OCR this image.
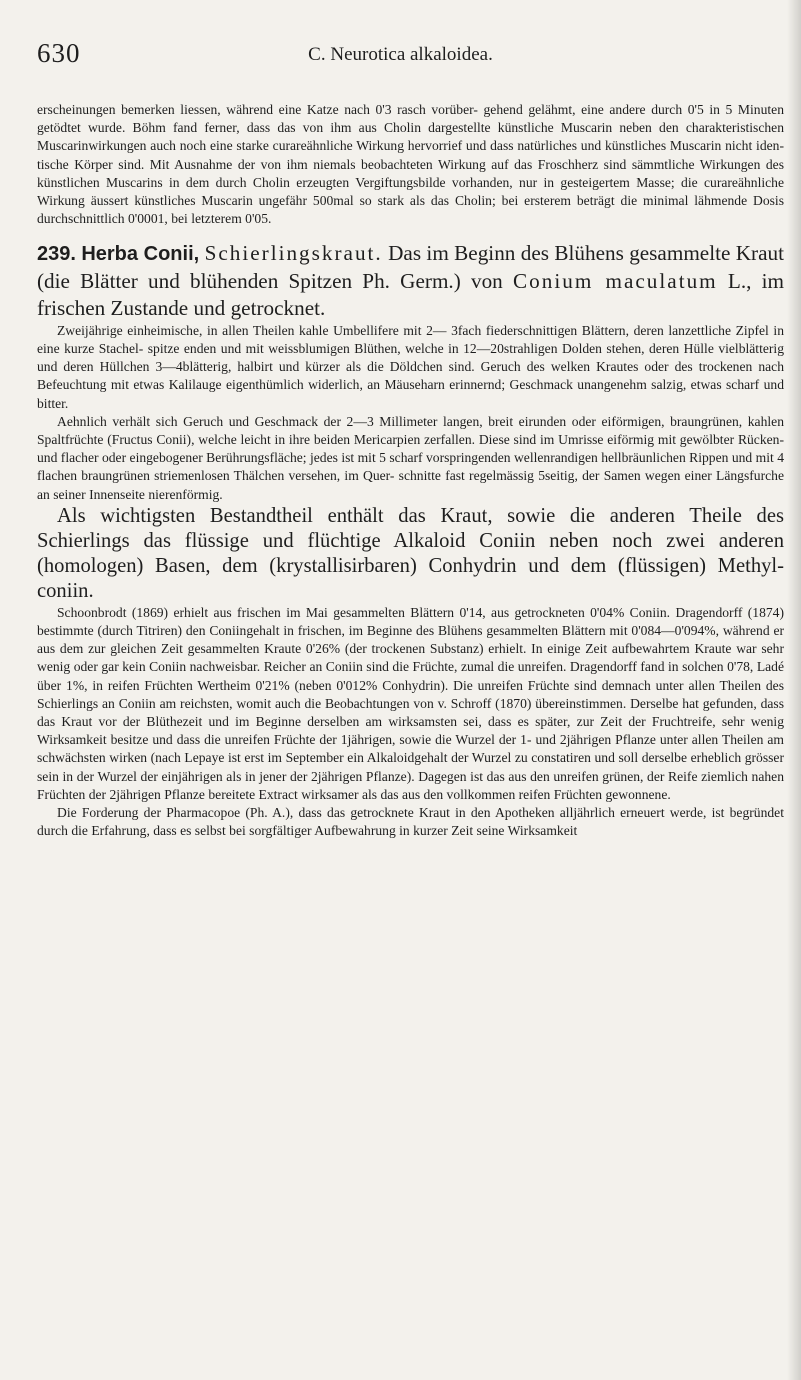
630	C. Neurotica alkaloidea.

erscheinungen bemerken liessen, während eine Katze nach 0'3 rasch vorüber- gehend gelähmt, eine andere durch 0'5 in 5 Minuten getödtet wurde. Böhm fand ferner, dass das von ihm aus Cholin dargestellte künstliche Muscarin neben den charakteristischen Muscarinwirkungen auch noch eine starke curareähnliche Wirkung hervorrief und dass natürliches und künstliches Muscarin nicht iden- tische Körper sind. Mit Ausnahme der von ihm niemals beobachteten Wirkung auf das Froschherz sind sämmtliche Wirkungen des künstlichen Muscarins in dem durch Cholin erzeugten Vergiftungsbilde vorhanden, nur in gesteigertem Masse; die curareähnliche Wirkung äussert künstliches Muscarin ungefähr 500mal so stark als das Cholin; bei ersterem beträgt die minimal lähmende Dosis durchschnittlich 0'0001, bei letzterem 0'05.

239. Herba Conii, Schierlingskraut. Das im Beginn des Blühens gesammelte Kraut (die Blätter und blühenden Spitzen Ph. Germ.) von Conium maculatum L., im frischen Zustande und getrocknet.

Zweijährige einheimische, in allen Theilen kahle Umbellifere mit 2— 3fach fiederschnittigen Blättern, deren lanzettliche Zipfel in eine kurze Stachel- spitze enden und mit weissblumigen Blüthen, welche in 12—20strahligen Dolden stehen, deren Hülle vielblätterig und deren Hüllchen 3—4blätterig, halbirt und kürzer als die Döldchen sind. Geruch des welken Krautes oder des trockenen nach Befeuchtung mit etwas Kalilauge eigenthümlich widerlich, an Mäuseharn erinnernd; Geschmack unangenehm salzig, etwas scharf und bitter.

Aehnlich verhält sich Geruch und Geschmack der 2—3 Millimeter langen, breit eirunden oder eiförmigen, braungrünen, kahlen Spaltfrüchte (Fructus Conii), welche leicht in ihre beiden Mericarpien zerfallen. Diese sind im Umrisse eiförmig mit gewölbter Rücken- und flacher oder eingebogener Berührungsfläche; jedes ist mit 5 scharf vorspringenden wellenrandigen hellbräunlichen Rippen und mit 4 flachen braungrünen striemenlosen Thälchen versehen, im Quer- schnitte fast regelmässig 5seitig, der Samen wegen einer Längsfurche an seiner Innenseite nierenförmig.

Als wichtigsten Bestandtheil enthält das Kraut, sowie die anderen Theile des Schierlings das flüssige und flüchtige Alkaloid Coniin neben noch zwei anderen (homologen) Basen, dem (krystallisirbaren) Conhydrin und dem (flüssigen) Methyl- coniin.

Schoonbrodt (1869) erhielt aus frischen im Mai gesammelten Blättern 0'14, aus getrockneten 0'04% Coniin. Dragendorff (1874) bestimmte (durch Titriren) den Coniingehalt in frischen, im Beginne des Blühens gesammelten Blättern mit 0'084—0'094%, während er aus dem zur gleichen Zeit gesammelten Kraute 0'26% (der trockenen Substanz) erhielt. In einige Zeit aufbewahrtem Kraute war sehr wenig oder gar kein Coniin nachweisbar. Reicher an Coniin sind die Früchte, zumal die unreifen. Dragendorff fand in solchen 0'78, Ladé über 1%, in reifen Früchten Wertheim 0'21% (neben 0'012% Conhydrin). Die unreifen Früchte sind demnach unter allen Theilen des Schierlings an Coniin am reichsten, womit auch die Beobachtungen von v. Schroff (1870) übereinstimmen. Derselbe hat gefunden, dass das Kraut vor der Blüthezeit und im Beginne derselben am wirksamsten sei, dass es später, zur Zeit der Fruchtreife, sehr wenig Wirksamkeit besitze und dass die unreifen Früchte der 1jährigen, sowie die Wurzel der 1- und 2jährigen Pflanze unter allen Theilen am schwächsten wirken (nach Lepaye ist erst im September ein Alkaloidgehalt der Wurzel zu constatiren und soll derselbe erheblich grösser sein in der Wurzel der einjährigen als in jener der 2jährigen Pflanze). Dagegen ist das aus den unreifen grünen, der Reife ziemlich nahen Früchten der 2jährigen Pflanze bereitete Extract wirksamer als das aus den vollkommen reifen Früchten gewonnene.

Die Forderung der Pharmacopoe (Ph. A.), dass das getrocknete Kraut in den Apotheken alljährlich erneuert werde, ist begründet durch die Erfahrung, dass es selbst bei sorgfältiger Aufbewahrung in kurzer Zeit seine Wirksamkeit
